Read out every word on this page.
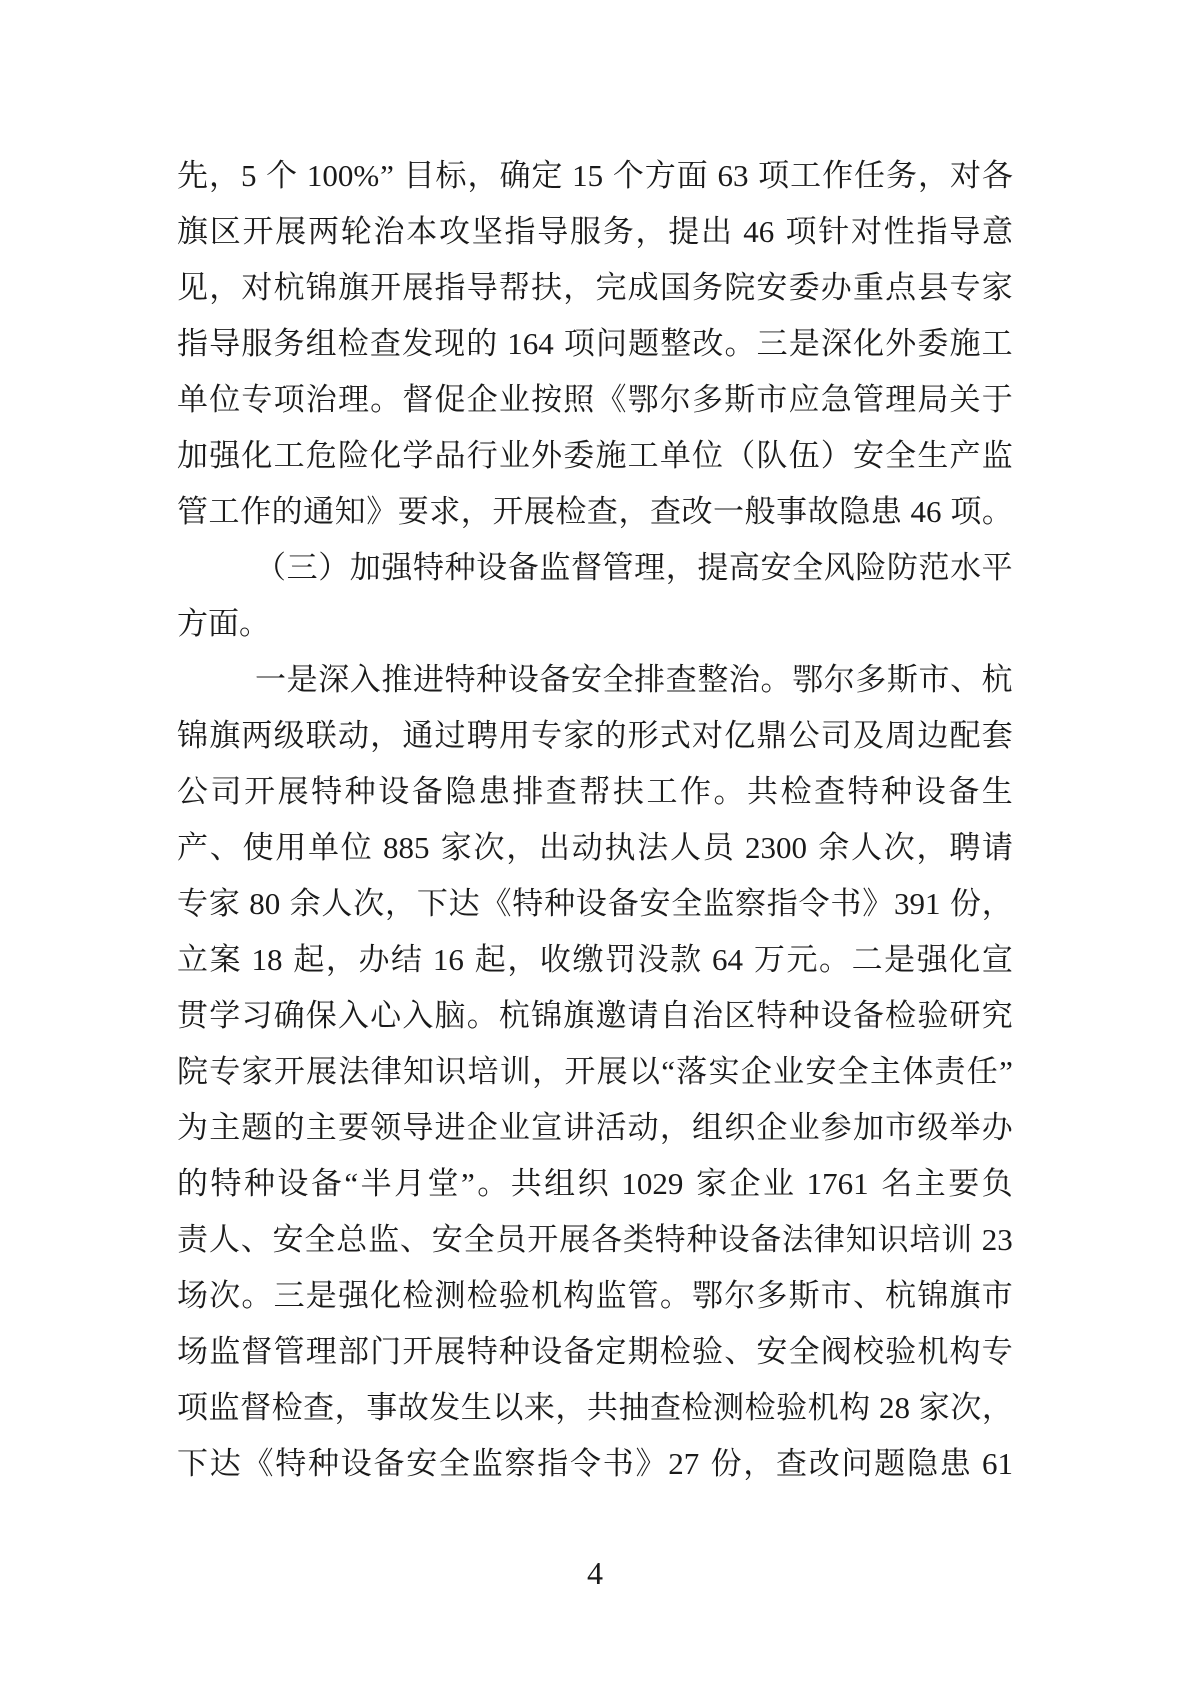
先 ， 5
个
100% ”
目 标 ， 确 定
15
个 方 面
63
项 工 作 任 务 ， 对 各
旗 区 开 展 两 轮 治 本 攻 坚 指 导 服 务 ， 提 出
46
项 针 对 性 指 导 意
见 ， 对 杭 锦 旗 开 展 指 导 帮 扶 ， 完 成 国 务 院 安 委 办 重 点 县 专 家
指 导 服 务 组 检 查 发 现 的
164
项 问 题 整 改 。 三 是 深 化 外 委 施 工
单 位 专 项 治 理 。 督 促 企 业 按 照 《 鄂 尔 多 斯 市 应 急 管 理 局 关 于
加 强 化 工 危 险 化 学 品 行 业 外 委 施 工 单 位 （ 队 伍 ） 安 全 生 产 监
管 工 作 的 通 知 》 要 求 ， 开 展 检 查 ， 查 改 一 般 事 故 隐 患
46
项 。
（ 三 ） 加 强 特 种 设 备 监 督 管 理 ， 提 高 安 全 风 险 防 范 水 平
方面。
一 是 深 入 推 进 特 种 设 备 安 全 排 查 整 治 。 鄂 尔 多 斯 市 、 杭
锦 旗 两 级 联 动 ， 通 过 聘 用 专 家 的 形 式 对 亿 鼎 公 司 及 周 边 配 套
公 司 开 展 特 种 设 备 隐 患 排 查 帮 扶 工 作 。 共 检 查 特 种 设 备 生
产 、 使 用 单 位
885
家 次 ， 出 动 执 法 人 员
2300
余 人 次 ， 聘 请
专 家
80
余 人 次 ， 下 达 《 特 种 设 备 安 全 监 察 指 令 书 》 391
份 ，
立 案
18
起 ， 办 结
16
起 ， 收 缴 罚 没 款
64
万 元 。 二 是 强 化 宣
贯 学 习 确 保 入 心 入 脑 。 杭 锦 旗 邀 请 自 治 区 特 种 设 备 检 验 研 究
院 专 家 开 展 法 律 知 识 培 训 ， 开 展 以 “ 落 实 企 业 安 全 主 体 责 任 ”
为 主 题 的 主 要 领 导 进 企 业 宣 讲 活 动 ， 组 织 企 业 参 加 市 级 举 办
的 特 种 设 备 “ 半 月 堂 ” 。 共 组 织
1029
家 企 业
1761
名 主 要 负
责 人 、 安 全 总 监 、 安 全 员 开 展 各 类 特 种 设 备 法 律 知 识 培 训
23
场 次 。 三 是 强 化 检 测 检 验 机 构 监 管 。 鄂 尔 多 斯 市 、 杭 锦 旗 市
场 监 督 管 理 部 门 开 展 特 种 设 备 定 期 检 验 、 安 全 阀 校 验 机 构 专
项 监 督 检 查 ， 事 故 发 生 以 来 ， 共 抽 查 检 测 检 验 机 构
28
家 次 ，
下 达 《 特 种 设 备 安 全 监 察 指 令 书 》 27
份 ， 查 改 问 题 隐 患
61
4
